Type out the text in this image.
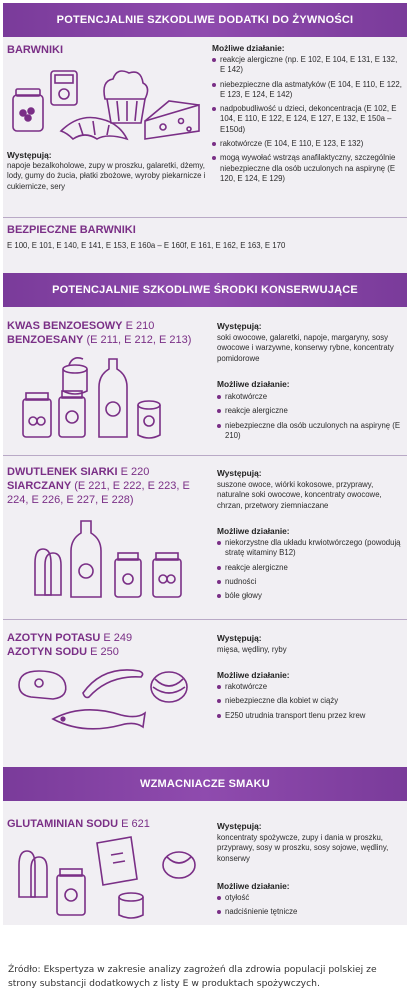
POTENCJALNIE SZKODLIWE DODATKI DO ŻYWNOŚCI
BARWNIKI
Występują:
napoje bezalkoholowe, zupy w proszku, galaretki, dżemy, lody, gumy do żucia, płatki zbożowe, wyroby piekarnicze i cukiernicze, sery
Możliwe działanie:
reakcje alergiczne (np. E 102, E 104, E 131, E 132, E 142)
niebezpieczne dla astmatyków (E 104, E 110, E 122, E 123, E 124, E 142)
nadpobudliwość u dzieci, dekoncentracja (E 102, E 104, E 110, E 122, E 124, E 127, E 132, E 150a – E150d)
rakotwórcze (E 104, E 110, E 123, E 132)
mogą wywołać wstrząs anafilaktyczny, szczególnie niebezpieczne dla osób uczulonych na aspirynę (E 120, E 124, E 129)
BEZPIECZNE BARWNIKI
E 100, E 101, E 140, E 141, E 153, E 160a – E 160f, E 161, E 162, E 163, E 170
POTENCJALNIE SZKODLIWE ŚRODKI KONSERWUJĄCE
KWAS BENZOESOWY E 210
BENZOESANY (E 211, E 212, E 213)
Występują:
soki owocowe, galaretki, napoje, margaryny, sosy owocowe i warzywne, konserwy rybne, koncentraty pomidorowe
Możliwe działanie:
rakotwórcze
reakcje alergiczne
niebezpieczne dla osób uczulonych na aspirynę (E 210)
DWUTLENEK SIARKI E 220
SIARCZANY (E 221, E 222, E 223, E 224, E 226, E 227, E 228)
Występują:
suszone owoce, wiórki kokosowe, przyprawy, naturalne soki owocowe, koncentraty owocowe, chrzan, przetwory ziemniaczane
Możliwe działanie:
niekorzystne dla układu krwiotwórczego (powodują stratę witaminy B12)
reakcje alergiczne
nudności
bóle głowy
AZOTYN POTASU E 249
AZOTYN SODU E 250
Występują:
mięsa, wędliny, ryby
Możliwe działanie:
rakotwórcze
niebezpieczne dla kobiet w ciąży
E250 utrudnia transport tlenu przez krew
WZMACNIACZE SMAKU
GLUTAMINIAN SODU E 621	Występują:
koncentraty spożywcze, zupy i dania w proszku, przyprawy, sosy w proszku, sosy sojowe, wędliny, konserwy
Możliwe działanie:
otyłość
nadciśnienie tętnicze
Źródło: Ekspertyza w zakresie analizy zagrożeń dla zdrowia populacji polskiej ze strony substancji dodatkowych z listy E w produktach spożywczych.
